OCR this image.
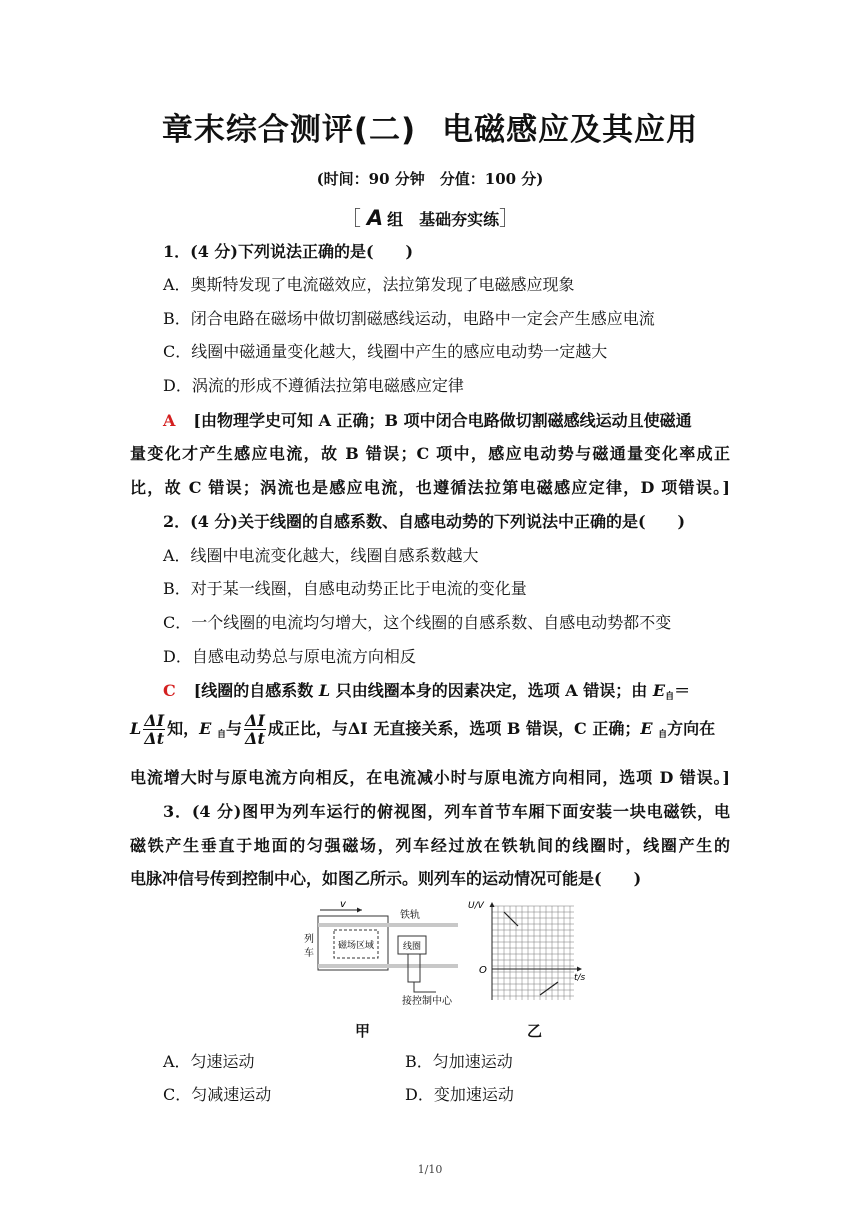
章末综合测评(二) 电磁感应及其应用
(时间：90 分钟　分值：100 分)
［ A 组　基础夯实练］
1．(4 分)下列说法正确的是(　　)
A．奥斯特发现了电流磁效应，法拉第发现了电磁感应现象
B．闭合电路在磁场中做切割磁感线运动，电路中一定会产生感应电流
C．线圈中磁通量变化越大，线圈中产生的感应电动势一定越大
D．涡流的形成不遵循法拉第电磁感应定律
A [由物理学史可知 A 正确；B 项中闭合电路做切割磁感线运动且使磁通
量变化才产生感应电流，故 B 错误；C 项中，感应电动势与磁通量变化率成正
比，故 C 错误；涡流也是感应电流，也遵循法拉第电磁感应定律，D 项错误。]
2．(4 分)关于线圈的自感系数、自感电动势的下列说法中正确的是(　　)
A．线圈中电流变化越大，线圈自感系数越大
B．对于某一线圈，自感电动势正比于电流的变化量
C．一个线圈的电流均匀增大，这个线圈的自感系数、自感电动势都不变
D．自感电动势总与原电流方向相反
C [线圈的自感系数 L 只由线圈本身的因素决定，选项 A 错误；由 $E_自=$
L $\frac{\Delta I}{\Delta t}$ 知，E $_自$与 $\frac{\Delta I}{\Delta t}$ 成正比，与ΔI 无直接关系，选项 B 错误，C 正确；E $_自$方向在
电流增大时与原电流方向相反，在电流减小时与原电流方向相同，选项 D 错误。]
3．(4 分)图甲为列车运行的俯视图，列车首节车厢下面安装一块电磁铁，电
磁铁产生垂直于地面的匀强磁场，列车经过放在铁轨间的线圈时，线圈产生的
电脉冲信号传到控制中心，如图乙所示。则列车的运动情况可能是(　　)
v
磁场区域
列
车
铁轨
线圈
接控制中心
U/V
t/s
O
甲	乙
A．匀速运动	B．匀加速运动
C．匀减速运动	D．变加速运动
1/10
